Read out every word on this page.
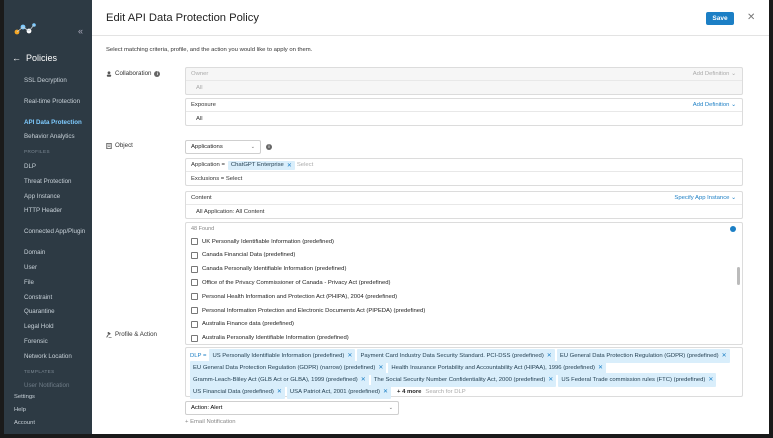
«
← Policies
SSL Decryption
Real-time Protection
API Data Protection
Behavior Analytics
PROFILES
DLP
Threat Protection
App Instance
HTTP Header
Connected App/Plugin
Domain
User
File
Constraint
Quarantine
Legal Hold
Forensic
Network Location
TEMPLATES
User Notification
Settings
Help
Account
Edit API Data Protection Policy	Save	✕
Select matching criteria, profile, and the action you would like to apply on them.
Collaboration	i	Owner	Add Definition ⌄
All
Exposure	Add Definition ⌄
All
Object	Applications	⌄	i
Application = ChatGPT Enterprise ✕ Select
Exclusions = Select
Content	Specify App Instance ⌄
All Application: All Content
48 Found
UK Personally Identifiable Information (predefined)
Canada Financial Data (predefined)
Canada Personally Identifiable Information (predefined)
Office of the Privacy Commissioner of Canada - Privacy Act (predefined)
Personal Health Information and Protection Act (PHIPA), 2004 (predefined)
Personal Information Protection and Electronic Documents Act (PIPEDA) (predefined)
Australia Finance data (predefined)
Australia Personally Identifiable Information (predefined)
Profile & Action
DLP = US Personally Identifiable Information (predefined) ✕ Payment Card Industry Data Security Standard. PCI-DSS (predefined) ✕ EU General Data Protection Regulation (GDPR) (predefined) ✕
EU General Data Protection Regulation (GDPR) (narrow) (predefined) ✕ Health Insurance Portability and Accountability Act (HIPAA), 1996 (predefined) ✕
Gramm-Leach-Bliley Act (GLB Act or GLBA), 1999 (predefined) ✕ The Social Security Number Confidentiality Act, 2000 (predefined) ✕ US Federal Trade commission rules (FTC) (predefined) ✕
US Financial Data (predefined) ✕ USA Patriot Act, 2001 (predefined) ✕ + 4 more Search for DLP
Action: Alert	⌄
+ Email Notification
